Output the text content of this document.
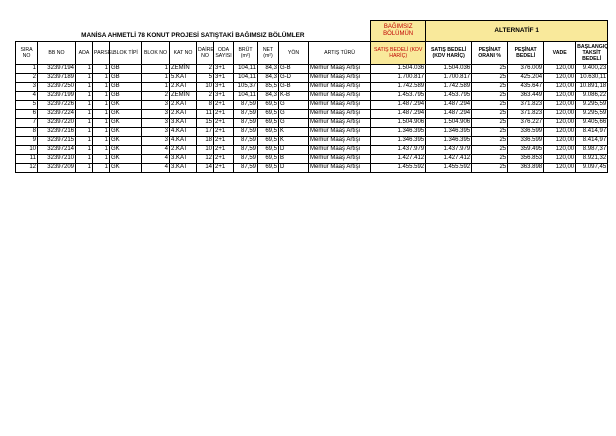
MANİSA AHMETLİ 78 KONUT PROJESİ SATIŞTAKİ BAĞIMSIZ BÖLÜMLER													BAĞIMSIZ BÖLÜMÜN	ALTERNATİF 1				
SIRA NO	BB NO	ADA	PARSEL	BLOK TİPİ	BLOK NO	KAT NO	DAİRE NO	ODA SAYISI	BRÜT (m²)	NET (m²)	YÖN	ARTIŞ TÜRÜ	SATIŞ BEDELİ (KDV HARİÇ)	SATIŞ BEDELİ (KDV HARİÇ)	PEŞİNAT ORANI %	PEŞİNAT BEDELİ	VADE	BAŞLANGIÇ TAKSİT BEDELİ
1	32397194	1	1	GB	1	ZEMİN	2	3+1	104,11	84,3	G-B	Memur Maaş Artışı	1.504.036	1.504.036	25	376.009	120,00	9.400,23
2	32397189	1	1	GB	1	5.KAT	5	3+1	104,11	84,3	G-D	Memur Maaş Artışı	1.700.817	1.700.817	25	425.204	120,00	10.630,11
3	32397250	1	1	GB	1	2.KAT	10	3+1	105,37	85,5	G-B	Memur Maaş Artışı	1.742.589	1.742.589	25	435.647	120,00	10.891,18
4	32397199	1	1	GB	2	ZEMİN	2	3+1	104,11	84,3	K-B	Memur Maaş Artışı	1.453.795	1.453.795	25	363.449	120,00	9.086,22
5	32397226	1	1	GK	3	2.KAT	8	2+1	87,59	69,5	G	Memur Maaş Artışı	1.487.294	1.487.294	25	371.823	120,00	9.295,59
6	32397224	1	1	GK	3	2.KAT	11	2+1	87,59	69,5	G	Memur Maaş Artışı	1.487.294	1.487.294	25	371.823	120,00	9.295,59
7	32397220	1	1	GK	3	3.KAT	15	2+1	87,59	69,5	G	Memur Maaş Artışı	1.504.906	1.504.906	25	376.227	120,00	9.405,66
8	32397216	1	1	GK	3	4.KAT	17	2+1	87,59	69,5	K	Memur Maaş Artışı	1.346.395	1.346.395	25	336.599	120,00	8.414,97
9	32397215	1	1	GK	3	4.KAT	18	2+1	87,59	69,5	K	Memur Maaş Artışı	1.346.395	1.346.395	25	336.599	120,00	8.414,97
10	32397214	1	1	GK	4	2.KAT	10	2+1	87,59	69,5	D	Memur Maaş Artışı	1.437.979	1.437.979	25	359.495	120,00	8.987,37
11	32397210	1	1	GK	4	3.KAT	12	2+1	87,59	69,5	B	Memur Maaş Artışı	1.427.412	1.427.412	25	356.853	120,00	8.921,32
12	32397209	1	1	GK	4	3.KAT	14	2+1	87,59	69,5	D	Memur Maaş Artışı	1.455.592	1.455.592	25	363.898	120,00	9.097,45
